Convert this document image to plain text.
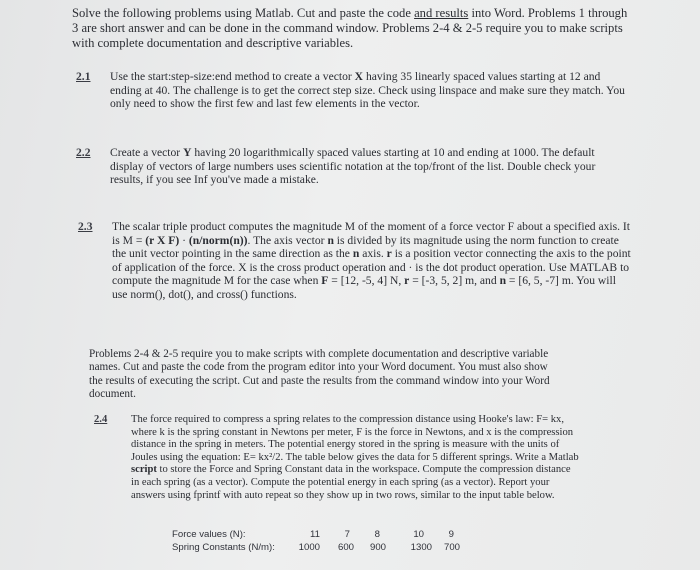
Solve the following problems using Matlab. Cut and paste the code and results into Word. Problems 1 through 3 are short answer and can be done in the command window. Problems 2-4 & 2-5 require you to make scripts with complete documentation and descriptive variables.
2.1 Use the start:step-size:end method to create a vector X having 35 linearly spaced values starting at 12 and ending at 40. The challenge is to get the correct step size. Check using linspace and make sure they match. You only need to show the first few and last few elements in the vector.
2.2 Create a vector Y having 20 logarithmically spaced values starting at 10 and ending at 1000. The default display of vectors of large numbers uses scientific notation at the top/front of the list. Double check your results, if you see Inf you've made a mistake.
2.3 The scalar triple product computes the magnitude M of the moment of a force vector F about a specified axis. It is M = (r X F) · (n/norm(n)). The axis vector n is divided by its magnitude using the norm function to create the unit vector pointing in the same direction as the n axis. r is a position vector connecting the axis to the point of application of the force. X is the cross product operation and · is the dot product operation. Use MATLAB to compute the magnitude M for the case when F = [12, -5, 4] N, r = [-3, 5, 2] m, and n = [6, 5, -7] m. You will use norm(), dot(), and cross() functions.
Problems 2-4 & 2-5 require you to make scripts with complete documentation and descriptive variable names. Cut and paste the code from the program editor into your Word document. You must also show the results of executing the script. Cut and paste the results from the command window into your Word document.
2.4 The force required to compress a spring relates to the compression distance using Hooke's law: F= kx, where k is the spring constant in Newtons per meter, F is the force in Newtons, and x is the compression distance in the spring in meters. The potential energy stored in the spring is measure with the units of Joules using the equation: E= kx²/2. The table below gives the data for 5 different springs. Write a Matlab script to store the Force and Spring Constant data in the workspace. Compute the compression distance in each spring (as a vector). Compute the potential energy in each spring (as a vector). Report your answers using fprintf with auto repeat so they show up in two rows, similar to the input table below.
Force values (N):	11	7	8	10	9
Spring Constants (N/m): 1000 600 900	1300 700
